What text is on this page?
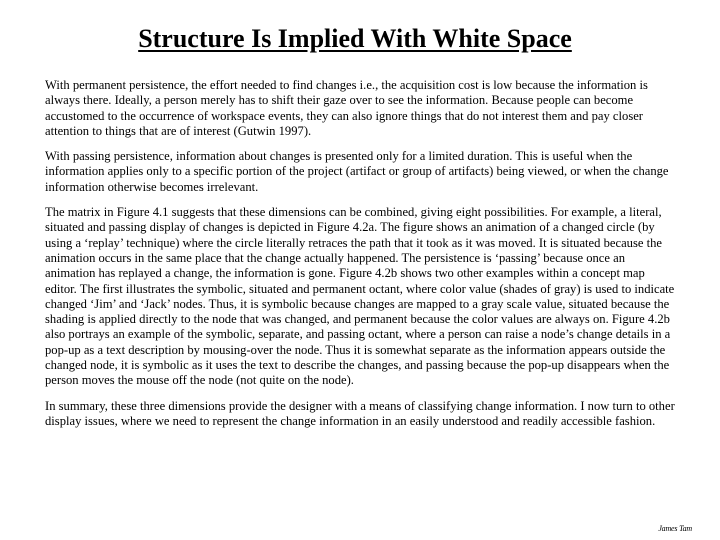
Structure Is Implied With White Space

With permanent persistence, the effort needed to find changes i.e., the acquisition cost is low because the information is always there. Ideally, a person merely has to shift their gaze over to see the information. Because people can become accustomed to the occurrence of workspace events, they can also ignore things that do not interest them and pay closer attention to things that are of interest (Gutwin 1997).

With passing persistence, information about changes is presented only for a limited duration. This is useful when the information applies only to a specific portion of the project (artifact or group of artifacts) being viewed, or when the change information otherwise becomes irrelevant.

The matrix in Figure 4.1 suggests that these dimensions can be combined, giving eight possibilities. For example, a literal, situated and passing display of changes is depicted in Figure 4.2a. The figure shows an animation of a changed circle (by using a ‘replay’ technique) where the circle literally retraces the path that it took as it was moved. It is situated because the animation occurs in the same place that the change actually happened. The persistence is ‘passing’ because once an animation has replayed a change, the information is gone. Figure 4.2b shows two other examples within a concept map editor. The first illustrates the symbolic, situated and permanent octant, where color value (shades of gray) is used to indicate changed ‘Jim’ and ‘Jack’ nodes. Thus, it is symbolic because changes are mapped to a gray scale value, situated because the shading is applied directly to the node that was changed, and permanent because the color values are always on. Figure 4.2b also portrays an example of the symbolic, separate, and passing octant, where a person can raise a node’s change details in a pop-up as a text description by mousing-over the node. Thus it is somewhat separate as the information appears outside the changed node, it is symbolic as it uses the text to describe the changes, and passing because the pop-up disappears when the person moves the mouse off the node (not quite on the node).

In summary, these three dimensions provide the designer with a means of classifying change information. I now turn to other display issues, where we need to represent the change information in an easily understood and readily accessible fashion.

James Tam
